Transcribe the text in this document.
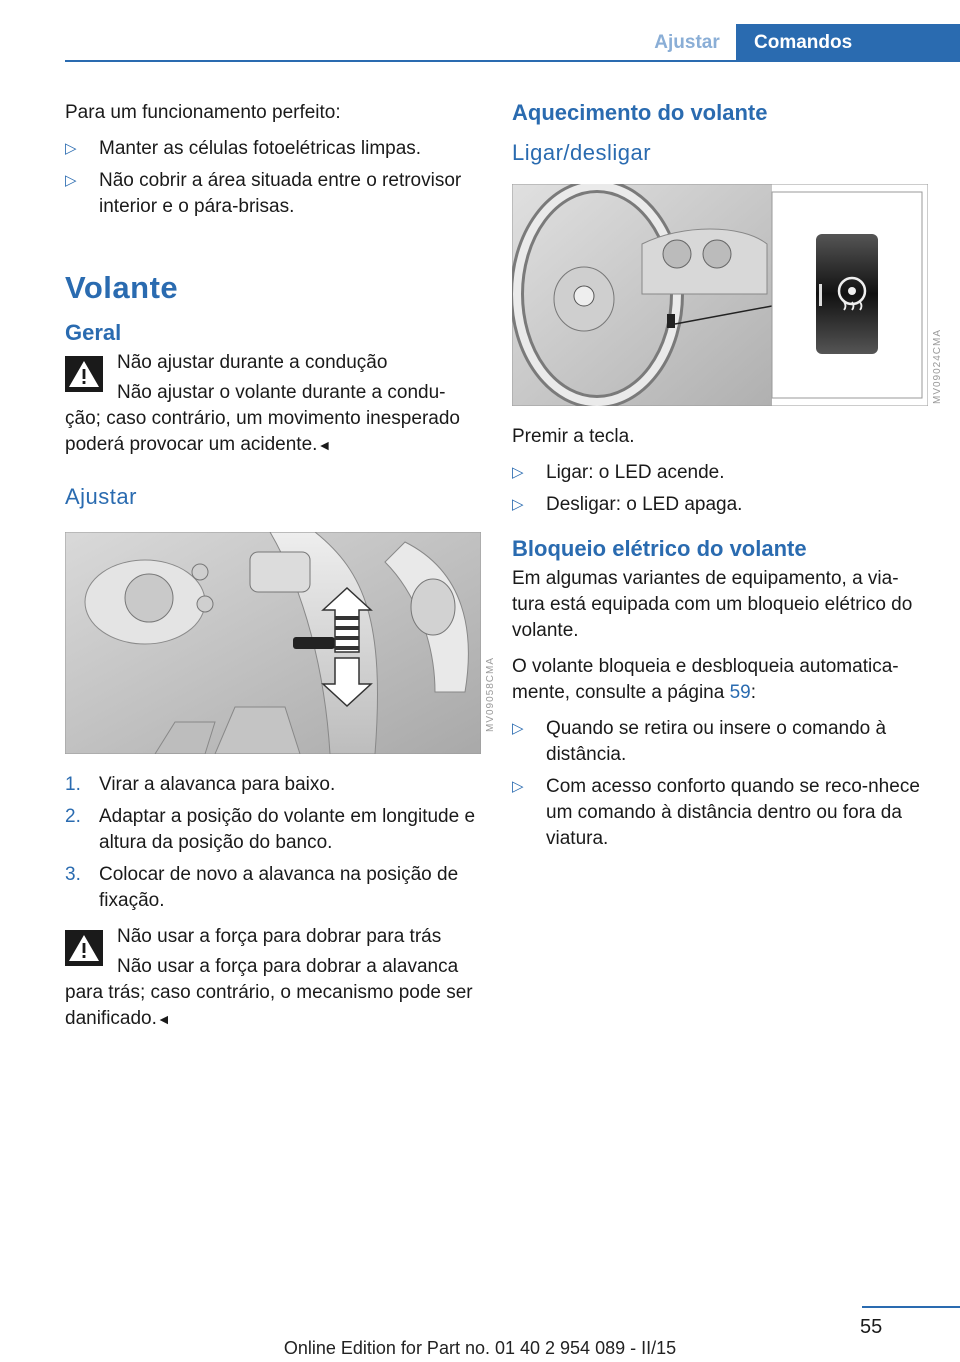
Ajustar	Comandos

Para um funcionamento perfeito:

▷ Manter as células fotoelétricas limpas.
▷ Não cobrir a área situada entre o retrovisor interior e o pára-brisas.
Volante
Geral

Não ajustar durante a condução

Não ajustar o volante durante a condu‐ção; caso contrário, um movimento inesperado poderá provocar um acidente.◄

Ajustar
MV09058CMA
1. Virar a alavanca para baixo.
2. Adaptar a posição do volante em longitude e altura da posição do banco.
3. Colocar de novo a alavanca na posição de fixação.

Não usar a força para dobrar para trás

Não usar a força para dobrar a alavanca para trás; caso contrário, o mecanismo pode ser danificado.◄

Aquecimento do volante
Ligar/desligar
MV09024CMA

Premir a tecla.

▷ Ligar: o LED acende.
▷ Desligar: o LED apaga.
Bloqueio elétrico do volante

Em algumas variantes de equipamento, a via‐tura está equipada com um bloqueio elétrico do volante.

O volante bloqueia e desbloqueia automatica‐mente, consulte a página 59:

▷ Quando se retira ou insere o comando à distância.
▷ Com acesso conforto quando se reco‐nhece um comando à distância dentro ou fora da viatura.
55
Online Edition for Part no. 01 40 2 954 089 - II/15
